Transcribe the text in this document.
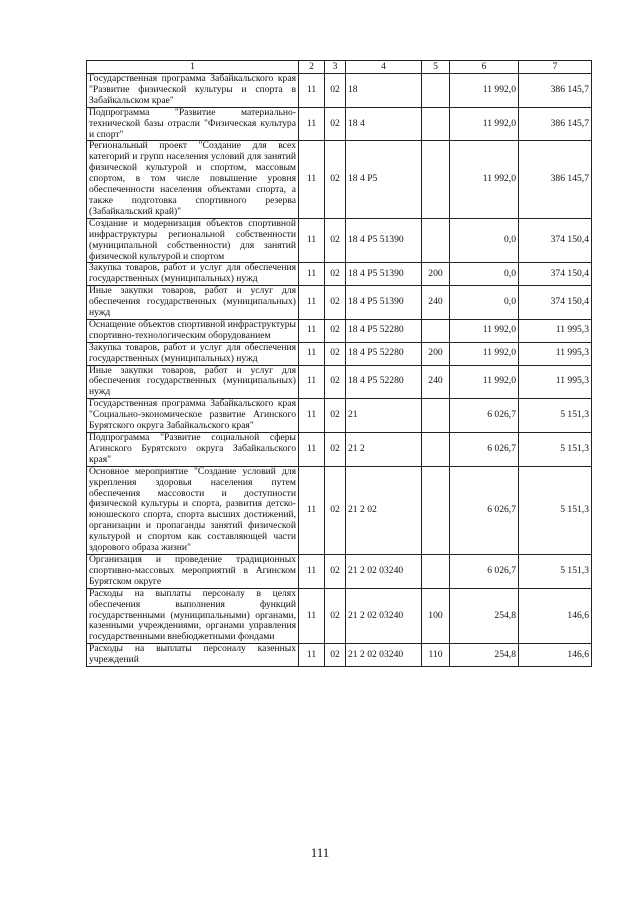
1	2	3	4	5	6	7
Государственная программа Забайкальского края "Развитие физической культуры и спорта в Забайкальском крае"	11	02	18		11 992,0	386 145,7
Подпрограмма "Развитие материально-технической базы отрасли "Физическая культура и спорт"	11	02	18 4		11 992,0	386 145,7
Региональный проект "Создание для всех категорий и групп населения условий для занятий физической культурой и спортом, массовым спортом, в том числе повышение уровня обеспеченности населения объектами спорта, а также подготовка спортивного резерва (Забайкальский край)"	11	02	18 4 P5		11 992,0	386 145,7
Создание и модернизация объектов спортивной инфраструктуры региональной собственности (муниципальной собственности) для занятий физической культурой и спортом	11	02	18 4 P5 51390		0,0	374 150,4
Закупка товаров, работ и услуг для обеспечения государственных (муниципальных) нужд	11	02	18 4 P5 51390	200	0,0	374 150,4
Иные закупки товаров, работ и услуг для обеспечения государственных (муниципальных) нужд	11	02	18 4 P5 51390	240	0,0	374 150,4
Оснащение объектов спортивной инфраструктуры спортивно-технологическим оборудованием	11	02	18 4 P5 52280		11 992,0	11 995,3
Закупка товаров, работ и услуг для обеспечения государственных (муниципальных) нужд	11	02	18 4 P5 52280	200	11 992,0	11 995,3
Иные закупки товаров, работ и услуг для обеспечения государственных (муниципальных) нужд	11	02	18 4 P5 52280	240	11 992,0	11 995,3
Государственная программа Забайкальского края "Социально-экономическое развитие Агинского Бурятского округа Забайкальского края"	11	02	21		6 026,7	5 151,3
Подпрограмма "Развитие социальной сферы Агинского Бурятского округа Забайкальского края"	11	02	21 2		6 026,7	5 151,3
Основное мероприятие "Создание условий для укрепления здоровья населения путем обеспечения массовости и доступности физической культуры и спорта, развития детско-юношеского спорта, спорта высших достижений, организации и пропаганды занятий физической культурой и спортом как составляющей части здорового образа жизни"	11	02	21 2 02		6 026,7	5 151,3
Организация и проведение традиционных спортивно-массовых мероприятий в Агинском Бурятском округе	11	02	21 2 02 03240		6 026,7	5 151,3
Расходы на выплаты персоналу в целях обеспечения выполнения функций государственными (муниципальными) органами, казенными учреждениями, органами управления государственными внебюджетными фондами	11	02	21 2 02 03240	100	254,8	146,6
Расходы на выплаты персоналу казенных учреждений	11	02	21 2 02 03240	110	254,8	146,6
111
